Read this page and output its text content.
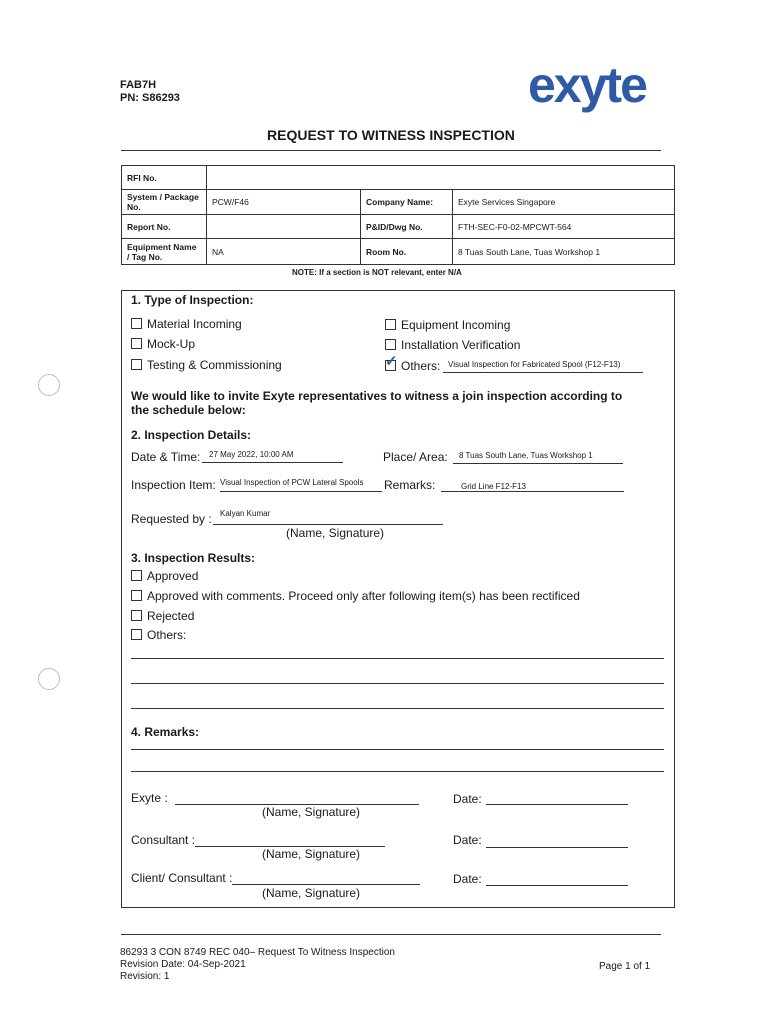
FAB7H
PN: S86293	exyte
REQUEST TO WITNESS INSPECTION
RFI No.			
System / Package No.	PCW/F46	Company Name:	Exyte Services Singapore
Report No.		P&ID/Dwg No.	FTH-SEC-F0-02-MPCWT-564
Equipment Name / Tag No.	NA	Room No.	8 Tuas South Lane, Tuas Workshop 1
NOTE: If a section is NOT relevant, enter N/A
1. Type of Inspection:
Material Incoming	Equipment Incoming
Mock-Up	Installation Verification
Testing & Commissioning	✓ Others: Visual Inspection for Fabricated Spool (F12-F13)
We would like to invite Exyte representatives to witness a join inspection according to the schedule below:
2. Inspection Details:
Date & Time: 27 May 2022, 10:00 AM	Place/ Area: 8 Tuas South Lane, Tuas Workshop 1
Inspection Item: Visual Inspection of PCW Lateral Spools Remarks:	Grid Line F12-F13
Requested by : Kalyan Kumar
(Name, Signature)
3. Inspection Results:
Approved
Approved with comments. Proceed only after following item(s) has been rectificed
Rejected
Others:
4. Remarks:
Exyte :
(Name, Signature)
Date:
Consultant :
(Name, Signature)
Date:
Client/ Consultant :
(Name, Signature)
Date:
86293 3 CON 8749 REC 040– Request To Witness Inspection
Revision Date: 04-Sep-2021
Revision: 1
Page 1 of 1
